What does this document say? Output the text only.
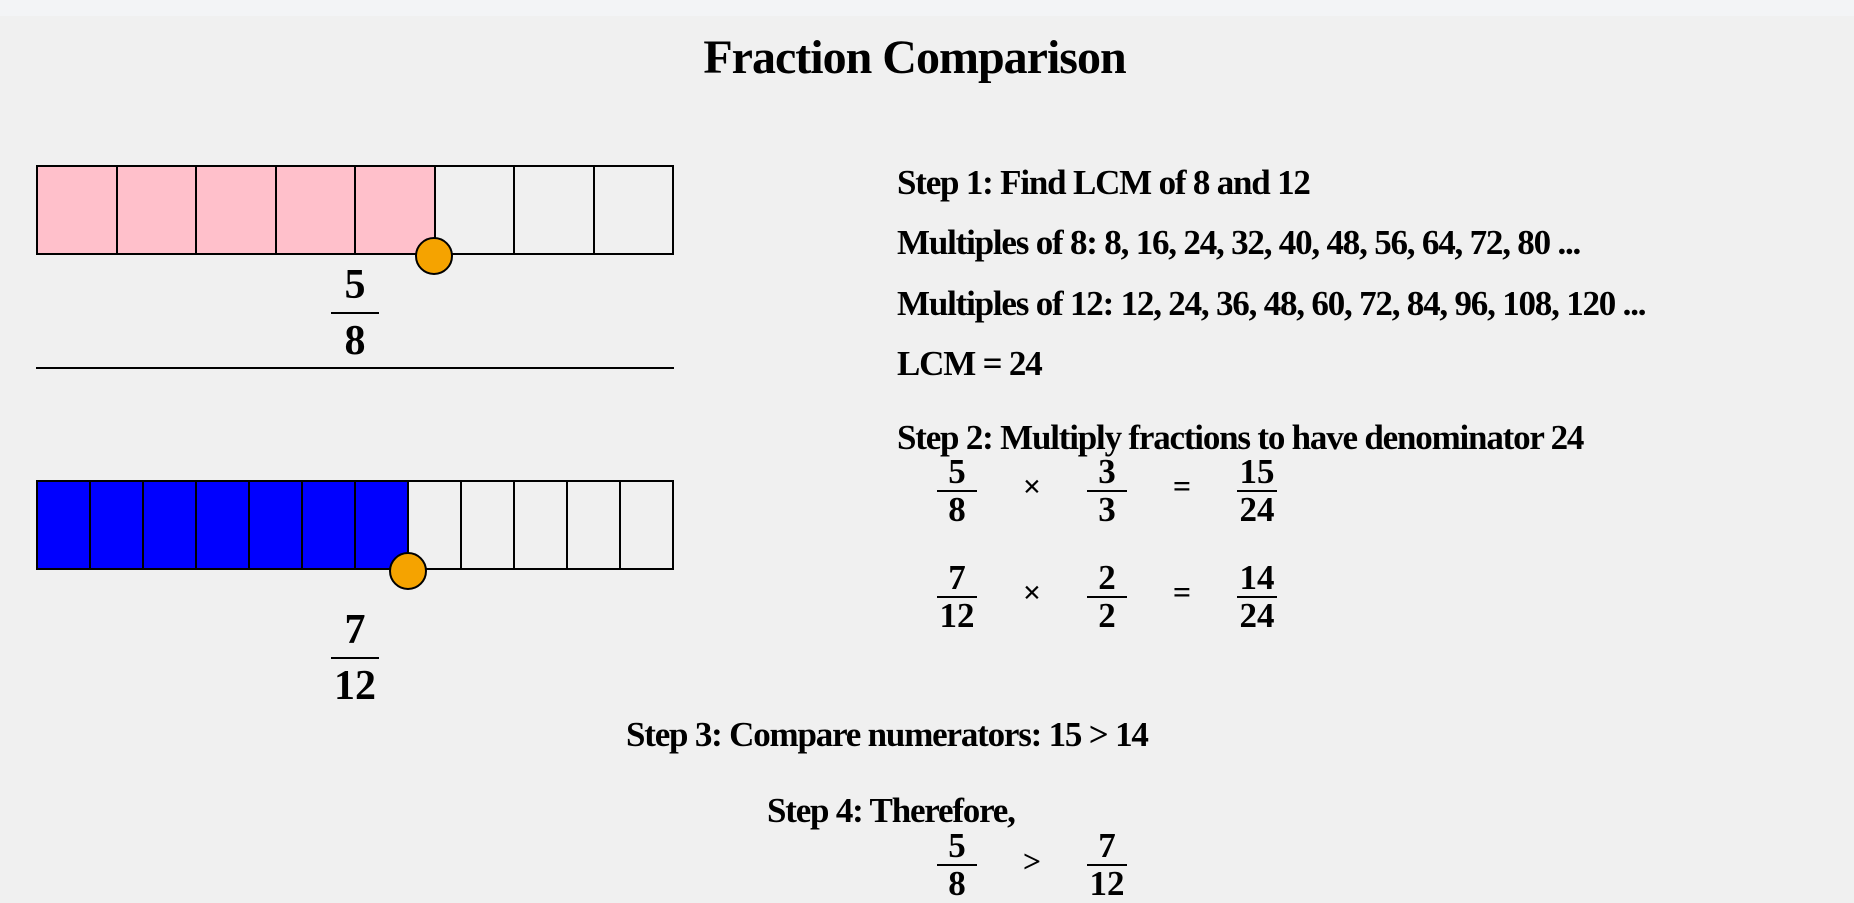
Fraction Comparison
5
8
7
12
Step 1: Find LCM of 8 and 12
Multiples of 8: 8, 16, 24, 32, 40, 48, 56, 64, 72, 80 ...
Multiples of 12: 12, 24, 36, 48, 60, 72, 84, 96, 108, 120 ...
LCM = 24
Step 2: Multiply fractions to have denominator 24
5
8
×	3
3
=	15
24
7
12
×	2
2
=	14
24
Step 3: Compare numerators: 15 > 14
Step 4: Therefore,
5
8
>	7
12
